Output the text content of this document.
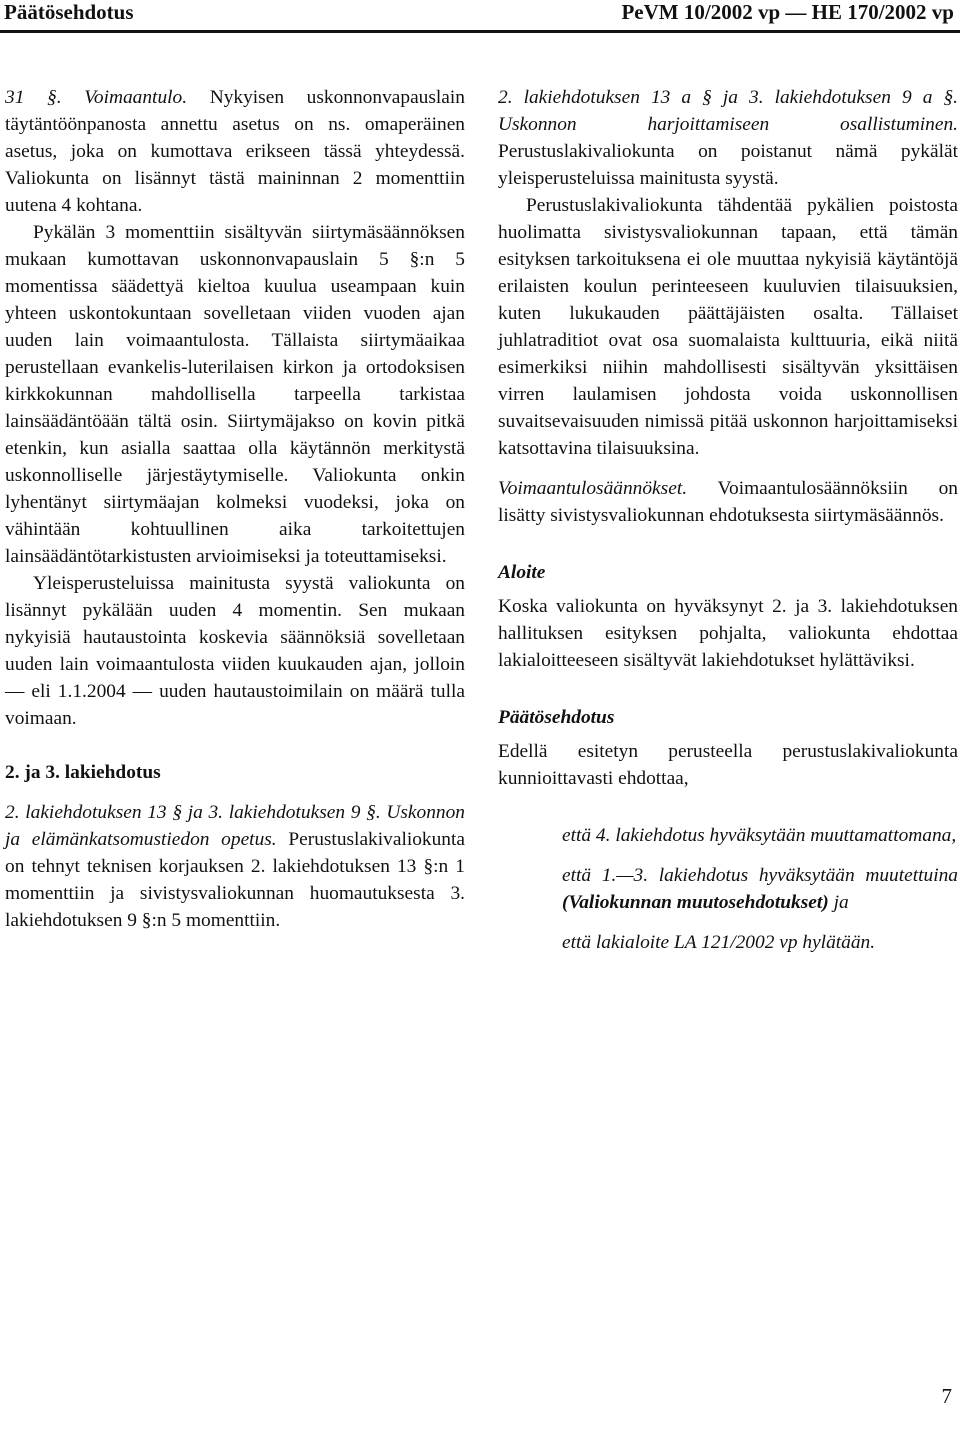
Päätösehdotus	PeVM 10/2002 vp — HE 170/2002 vp

31 §. Voimaantulo. Nykyisen uskonnonvapauslain täytäntöönpanosta annettu asetus on ns. omaperäinen asetus, joka on kumottava erikseen tässä yhteydessä. Valiokunta on lisännyt tästä maininnan 2 momenttiin uutena 4 kohtana.

Pykälän 3 momenttiin sisältyvän siirtymäsäännöksen mukaan kumottavan uskonnonvapauslain 5 §:n 5 momentissa säädettyä kieltoa kuulua useampaan kuin yhteen uskontokuntaan sovelletaan viiden vuoden ajan uuden lain voimaantulosta. Tällaista siirtymäaikaa perustellaan evankelis-luterilaisen kirkon ja ortodoksisen kirkkokunnan mahdollisella tarpeella tarkistaa lainsäädäntöään tältä osin. Siirtymäjakso on kovin pitkä etenkin, kun asialla saattaa olla käytännön merkitystä uskonnolliselle järjestäytymiselle. Valiokunta onkin lyhentänyt siirtymäajan kolmeksi vuodeksi, joka on vähintään kohtuullinen aika tarkoitettujen lainsäädäntötarkistusten arvioimiseksi ja toteuttamiseksi.

Yleisperusteluissa mainitusta syystä valiokunta on lisännyt pykälään uuden 4 momentin. Sen mukaan nykyisiä hautaustointa koskevia säännöksiä sovelletaan uuden lain voimaantulosta viiden kuukauden ajan, jolloin — eli 1.1.2004 — uuden hautaustoimilain on määrä tulla voimaan.

2. ja 3. lakiehdotus

2. lakiehdotuksen 13 § ja 3. lakiehdotuksen 9 §. Uskonnon ja elämänkatsomustiedon opetus. Perustuslakivaliokunta on tehnyt teknisen korjauksen 2. lakiehdotuksen 13 §:n 1 momenttiin ja sivistysvaliokunnan huomautuksesta 3. lakiehdotuksen 9 §:n 5 momenttiin.

2. lakiehdotuksen 13 a § ja 3. lakiehdotuksen 9 a §. Uskonnon harjoittamiseen osallistuminen. Perustuslakivaliokunta on poistanut nämä pykälät yleisperusteluissa mainitusta syystä.

Perustuslakivaliokunta tähdentää pykälien poistosta huolimatta sivistysvaliokunnan tapaan, että tämän esityksen tarkoituksena ei ole muuttaa nykyisiä käytäntöjä erilaisten koulun perinteeseen kuuluvien tilaisuuksien, kuten lukukauden päättäjäisten osalta. Tällaiset juhlatraditiot ovat osa suomalaista kulttuuria, eikä niitä esimerkiksi niihin mahdollisesti sisältyvän yksittäisen virren laulamisen johdosta voida uskonnollisen suvaitsevaisuuden nimissä pitää uskonnon harjoittamiseksi katsottavina tilaisuuksina.

Voimaantulosäännökset. Voimaantulosäännöksiin on lisätty sivistysvaliokunnan ehdotuksesta siirtymäsäännös.

Aloite

Koska valiokunta on hyväksynyt 2. ja 3. lakiehdotuksen hallituksen esityksen pohjalta, valiokunta ehdottaa lakialoitteeseen sisältyvät lakiehdotukset hylättäviksi.

Päätösehdotus

Edellä esitetyn perusteella perustuslakivaliokunta kunnioittavasti ehdottaa,

että 4. lakiehdotus hyväksytään muuttamattomana,

että 1.—3. lakiehdotus hyväksytään muutettuina (Valiokunnan muutosehdotukset) ja

että lakialoite LA 121/2002 vp hylätään.

7
